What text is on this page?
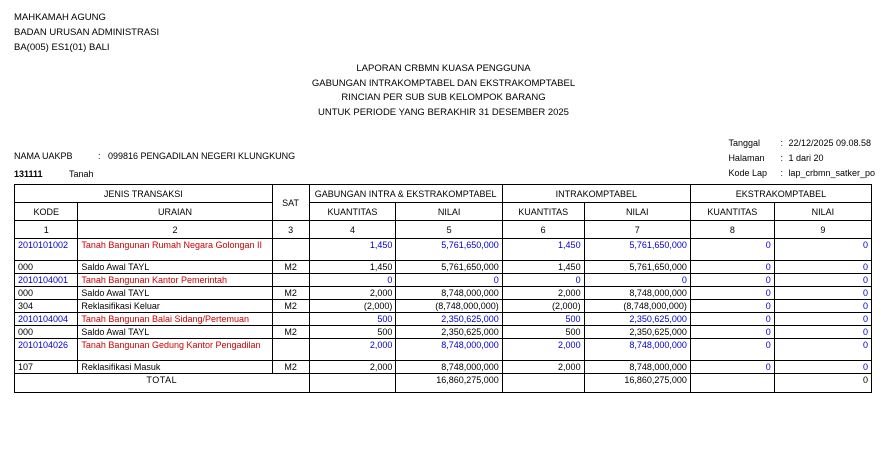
MAHKAMAH AGUNG
BADAN URUSAN ADMINISTRASI
BA(005) ES1(01) BALI
LAPORAN CRBMN KUASA PENGGUNA
GABUNGAN INTRAKOMPTABEL DAN EKSTRAKOMPTABEL
RINCIAN PER SUB SUB KELOMPOK BARANG
UNTUK PERIODE YANG BERAKHIR 31 DESEMBER 2025
Tanggal	: 22/12/2025 09.08.58
Halaman	: 1 dari 20
Kode Lap	: lap_crbmn_satker_po
NAMA UAKPB	: 099816 PENGADILAN NEGERI KLUNGKUNG
131111	Tanah
JENIS TRANSAKSI		SAT	GABUNGAN INTRA & EKSTRAKOMPTABEL		INTRAKOMPTABEL		EKSTRAKOMPTABEL	
KODE	URAIAN		KUANTITAS	NILAI	KUANTITAS	NILAI	KUANTITAS	NILAI
1	2	3	4	5	6	7	8	9
2010101002	Tanah Bangunan Rumah Negara Golongan II		1,450	5,761,650,000	1,450	5,761,650,000	0	0
000	Saldo Awal TAYL	M2	1,450	5,761,650,000	1,450	5,761,650,000	0	0
2010104001	Tanah Bangunan Kantor Pemerintah		0	0	0	0	0	0
000	Saldo Awal TAYL	M2	2,000	8,748,000,000	2,000	8,748,000,000	0	0
304	Reklasifikasi Keluar	M2	(2,000)	(8,748,000,000)	(2,000)	(8,748,000,000)	0	0
2010104004	Tanah Bangunan Balai Sidang/Pertemuan		500	2,350,625,000	500	2,350,625,000	0	0
000	Saldo Awal TAYL	M2	500	2,350,625,000	500	2,350,625,000	0	0
2010104026	Tanah Bangunan Gedung Kantor Pengadilan		2,000	8,748,000,000	2,000	8,748,000,000	0	0
107	Reklasifikasi Masuk	M2	2,000	8,748,000,000	2,000	8,748,000,000	0	0
TOTAL				16,860,275,000		16,860,275,000		0
